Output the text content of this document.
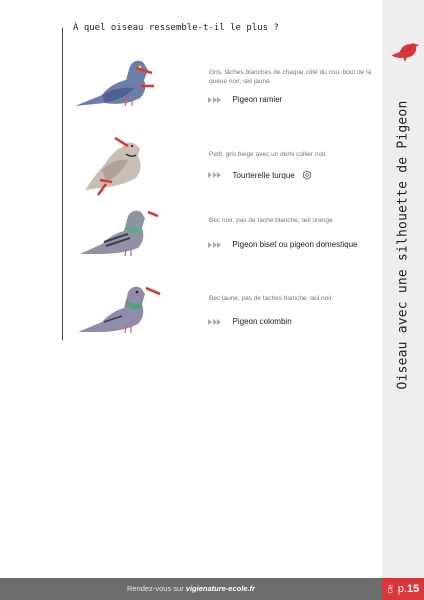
Oiseau avec une silhouette de Pigeon
À quel oiseau ressemble-t-il le plus ?
Gris, tâches blanches de chaque côté du cou, bout de la queue noir, œil jaune.
Pigeon ramier
Petit, gris beige avec un demi collier noir.
Tourterelle turque
Bec noir, pas de tache blanche, œil orange.
Pigeon biset ou pigeon domestique
Bec jaune, pas de taches blanche, œil noir.
Pigeon colombin
Rendez-vous sur vigienature-ecole.fr	Clé p. 15
